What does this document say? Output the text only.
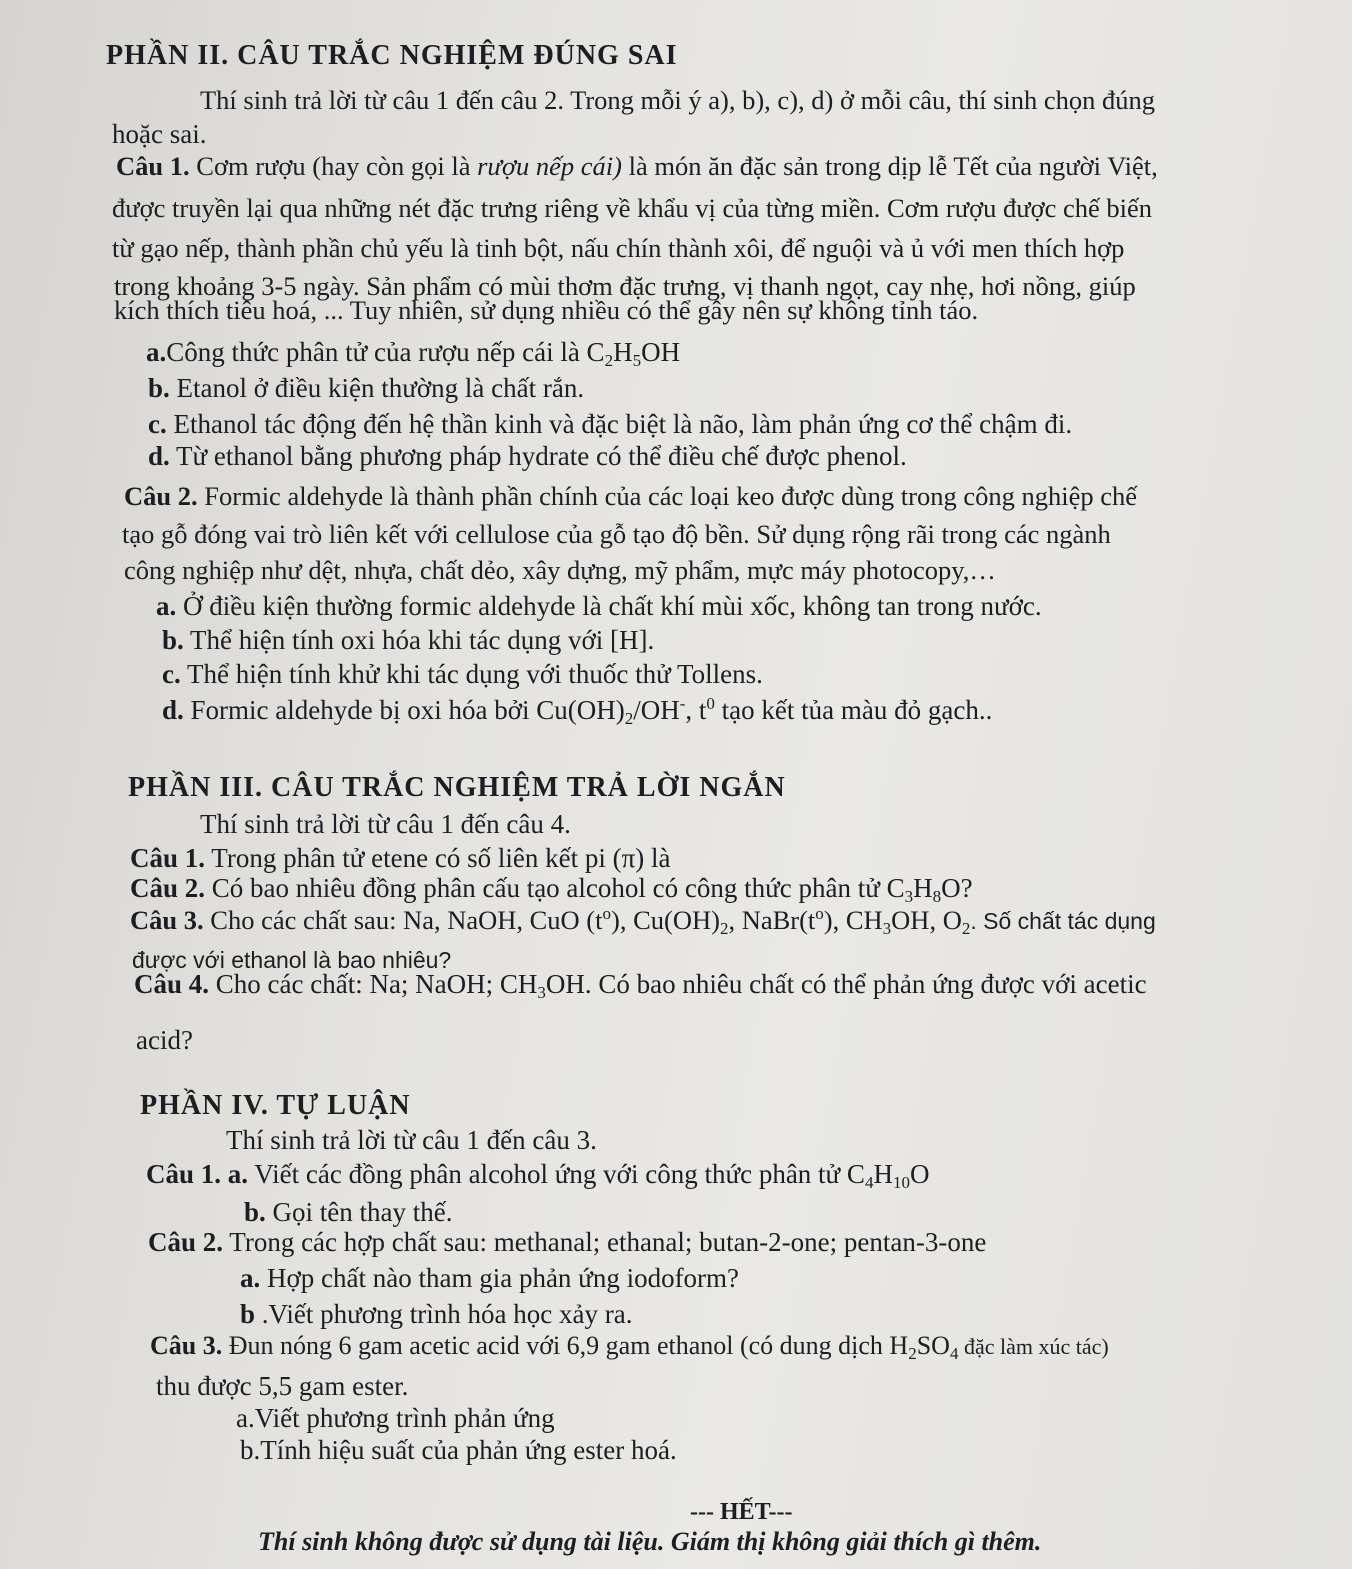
PHẦN II. CÂU TRẮC NGHIỆM ĐÚNG SAI
Thí sinh trả lời từ câu 1 đến câu 2. Trong mỗi ý a), b), c), d) ở mỗi câu, thí sinh chọn đúng
hoặc sai.
Câu 1. Cơm rượu (hay còn gọi là rượu nếp cái) là món ăn đặc sản trong dịp lễ Tết của người Việt,
được truyền lại qua những nét đặc trưng riêng về khẩu vị của từng miền. Cơm rượu được chế biến
từ gạo nếp, thành phần chủ yếu là tinh bột, nấu chín thành xôi, để nguội và ủ với men thích hợp
trong khoảng 3-5 ngày. Sản phẩm có mùi thơm đặc trưng, vị thanh ngọt, cay nhẹ, hơi nồng, giúp
kích thích tiêu hoá, ... Tuy nhiên, sử dụng nhiều có thể gây nên sự không tỉnh táo.
a.Công thức phân tử của rượu nếp cái là $C_2H_5OH$
b. Etanol ở điều kiện thường là chất rắn.
c. Ethanol tác động đến hệ thần kinh và đặc biệt là não, làm phản ứng cơ thể chậm đi.
d. Từ ethanol bằng phương pháp hydrate có thể điều chế được phenol.
Câu 2. Formic aldehyde là thành phần chính của các loại keo được dùng trong công nghiệp chế
tạo gỗ đóng vai trò liên kết với cellulose của gỗ tạo độ bền. Sử dụng rộng rãi trong các ngành
công nghiệp như dệt, nhựa, chất dẻo, xây dựng, mỹ phẩm, mực máy photocopy,…
a. Ở điều kiện thường formic aldehyde là chất khí mùi xốc, không tan trong nước.
b. Thể hiện tính oxi hóa khi tác dụng với [H].
c. Thể hiện tính khử khi tác dụng với thuốc thử Tollens.
d. Formic aldehyde bị oxi hóa bởi $Cu(OH)_2/OH^-$, $t^0$ tạo kết tủa màu đỏ gạch..
PHẦN III. CÂU TRẮC NGHIỆM TRẢ LỜI NGẮN
Thí sinh trả lời từ câu 1 đến câu 4.
Câu 1. Trong phân tử etene có số liên kết pi (π) là
Câu 2. Có bao nhiêu đồng phân cấu tạo alcohol có công thức phân tử $C_3H_8O$?
Câu 3. Cho các chất sau: Na, NaOH, CuO $(t^o)$, $Cu(OH)_2$, $NaBr(t^o)$, $CH_3OH$, $O_2$. Số chất tác dụng
được với ethanol là bao nhiêu?
Câu 4. Cho các chất: Na; NaOH; $CH_3OH$. Có bao nhiêu chất có thể phản ứng được với acetic
acid?
PHẦN IV. TỰ LUẬN
Thí sinh trả lời từ câu 1 đến câu 3.
Câu 1. a. Viết các đồng phân alcohol ứng với công thức phân tử $C_4H_{10}O$
b. Gọi tên thay thế.
Câu 2. Trong các hợp chất sau: methanal; ethanal; butan-2-one; pentan-3-one
a. Hợp chất nào tham gia phản ứng iodoform?
b .Viết phương trình hóa học xảy ra.
Câu 3. Đun nóng 6 gam acetic acid với 6,9 gam ethanol (có dung dịch $H_2SO_4$ đặc làm xúc tác)
thu được 5,5 gam ester.
a.Viết phương trình phản ứng
b.Tính hiệu suất của phản ứng ester hoá.
--- HẾT---
Thí sinh không được sử dụng tài liệu. Giám thị không giải thích gì thêm.
